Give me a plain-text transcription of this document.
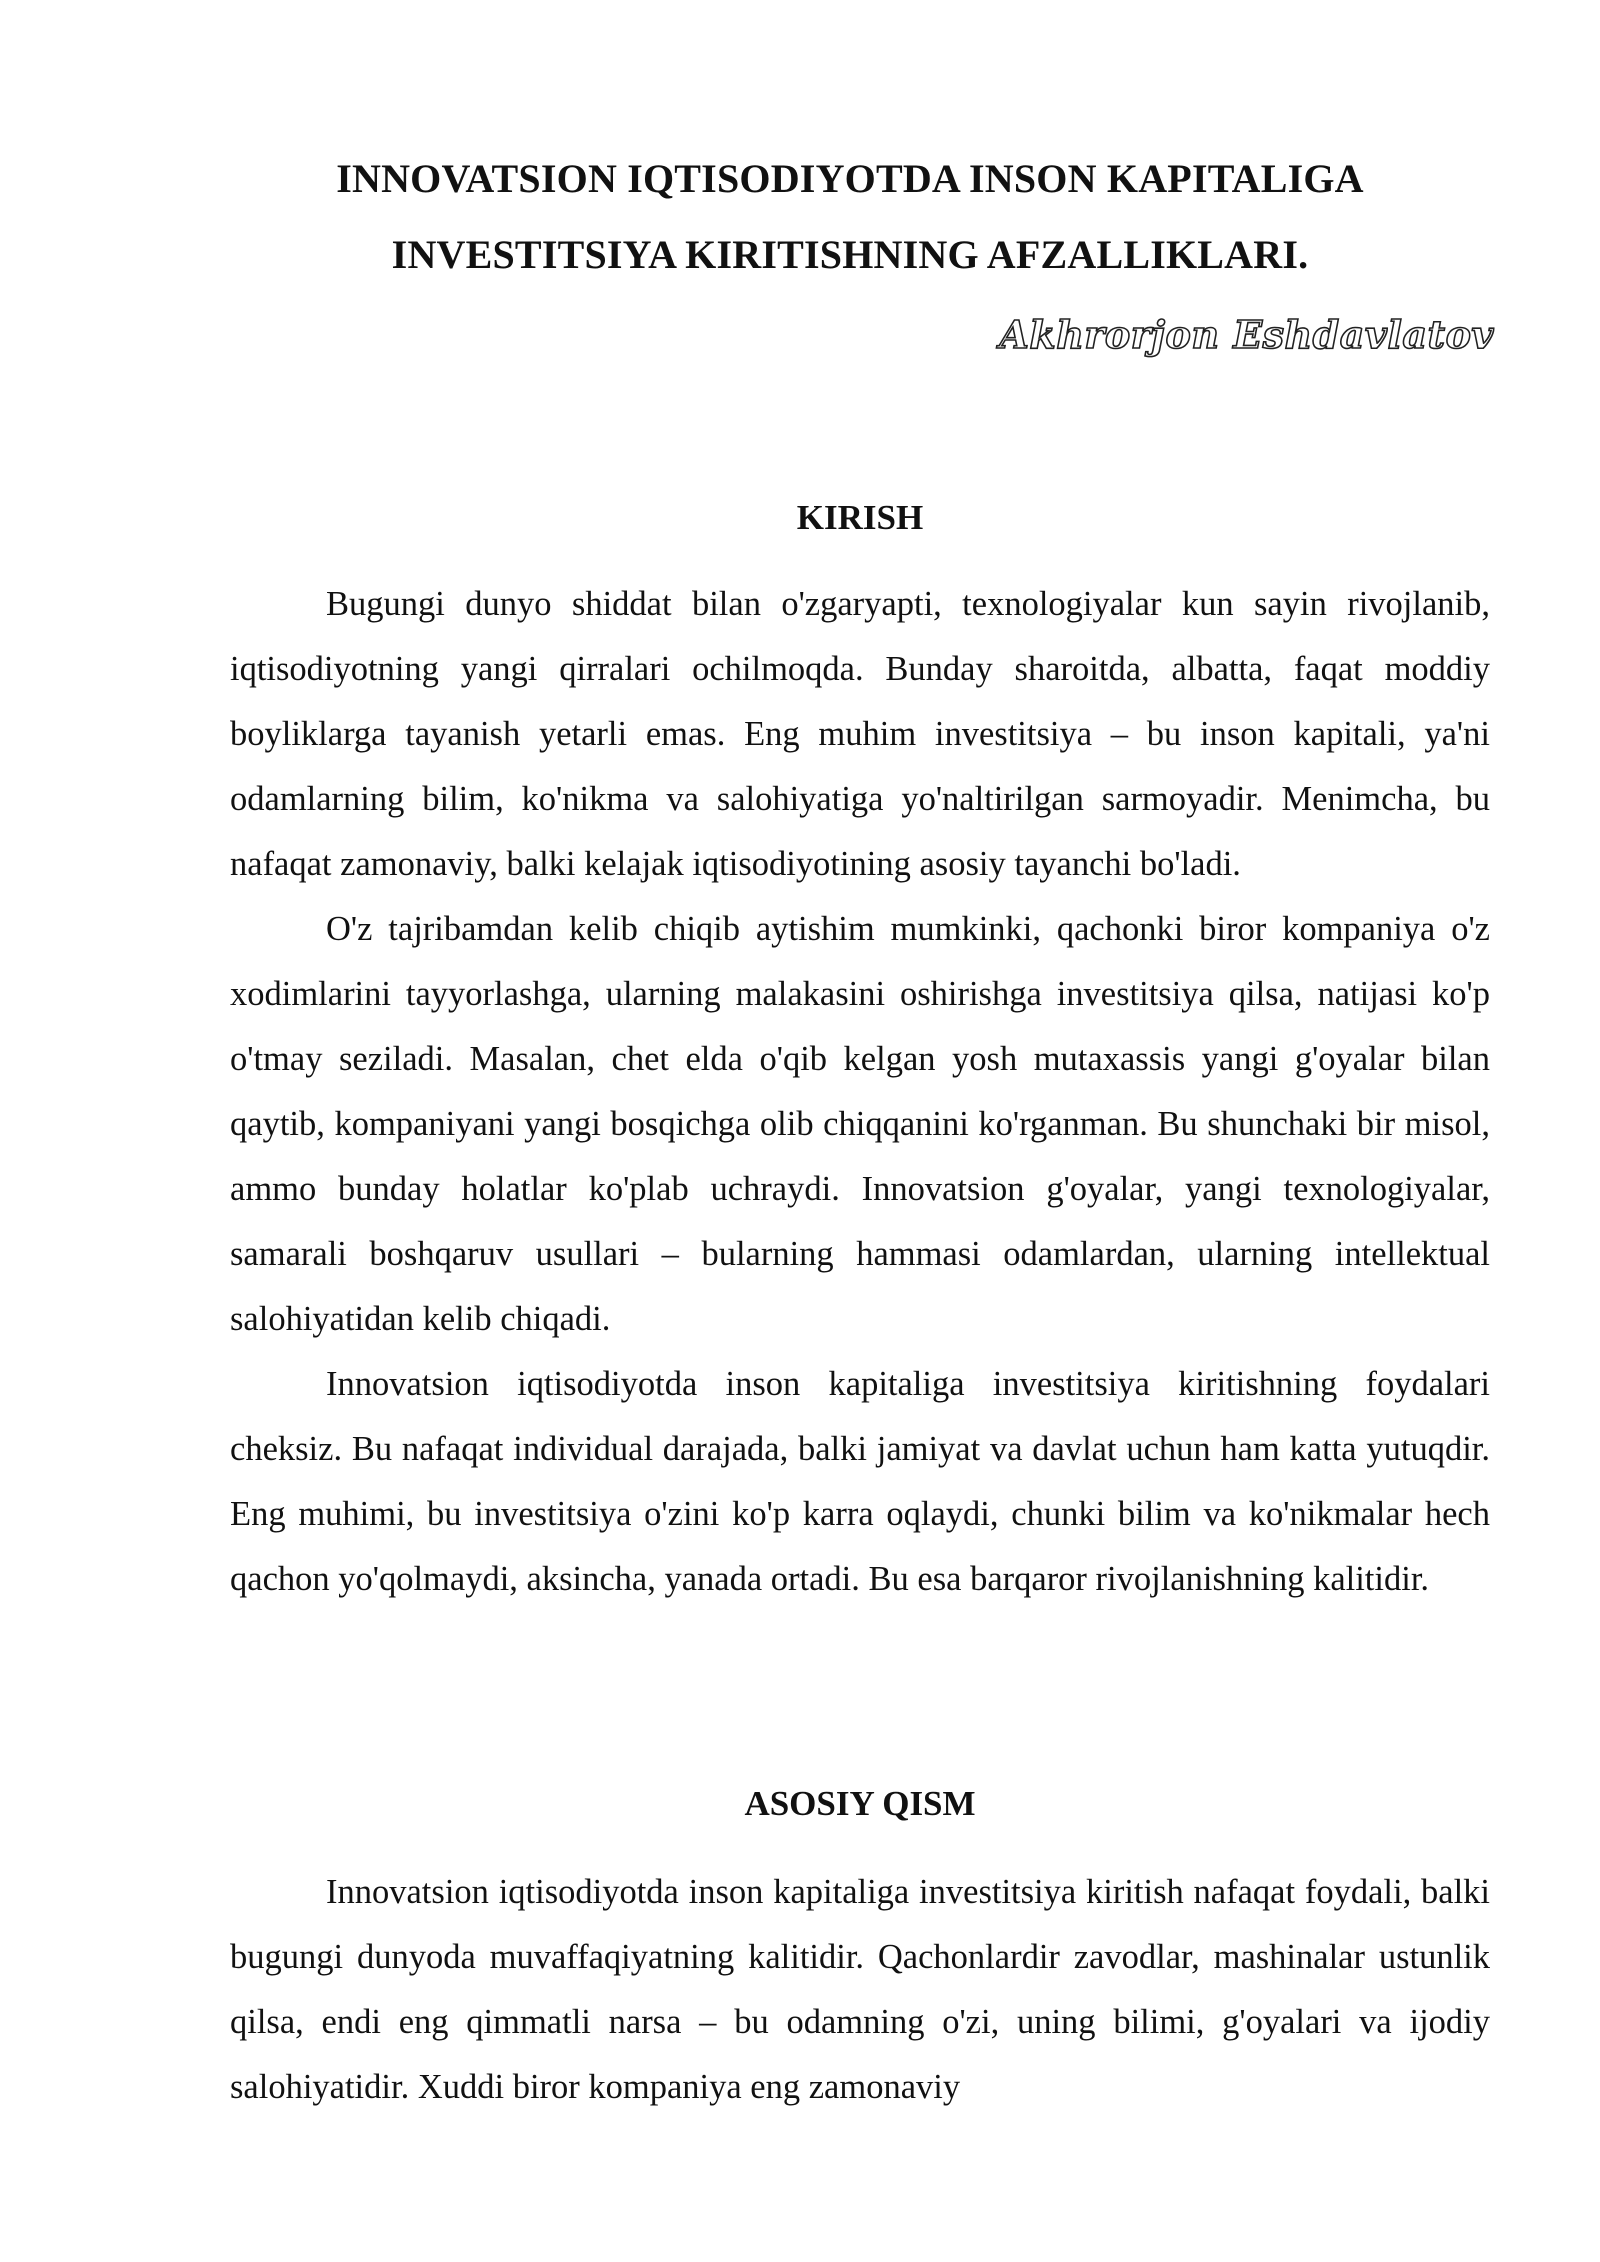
INNOVATSION IQTISODIYOTDA INSON KAPITALIGA
INVESTITSIYA KIRITISHNING AFZALLIKLARI.

Akhrorjon Eshdavlatov

KIRISH

Bugungi dunyo shiddat bilan o'zgaryapti, texnologiyalar kun sayin rivojlanib, iqtisodiyotning yangi qirralari ochilmoqda. Bunday sharoitda, albatta, faqat moddiy boyliklarga tayanish yetarli emas. Eng muhim investitsiya – bu inson kapitali, ya'ni odamlarning bilim, ko'nikma va salohiyatiga yo'naltirilgan sarmoyadir. Menimcha, bu nafaqat zamonaviy, balki kelajak iqtisodiyotining asosiy tayanchi bo'ladi.

O'z tajribamdan kelib chiqib aytishim mumkinki, qachonki biror kompaniya o'z xodimlarini tayyorlashga, ularning malakasini oshirishga investitsiya qilsa, natijasi ko'p o'tmay seziladi. Masalan, chet elda o'qib kelgan yosh mutaxassis yangi g'oyalar bilan qaytib, kompaniyani yangi bosqichga olib chiqqanini ko'rganman. Bu shunchaki bir misol, ammo bunday holatlar ko'plab uchraydi. Innovatsion g'oyalar, yangi texnologiyalar, samarali boshqaruv usullari – bularning hammasi odamlardan, ularning intellektual salohiyatidan kelib chiqadi.

Innovatsion iqtisodiyotda inson kapitaliga investitsiya kiritishning foydalari cheksiz. Bu nafaqat individual darajada, balki jamiyat va davlat uchun ham katta yutuqdir. Eng muhimi, bu investitsiya o'zini ko'p karra oqlaydi, chunki bilim va ko'nikmalar hech qachon yo'qolmaydi, aksincha, yanada ortadi. Bu esa barqaror rivojlanishning kalitidir.

ASOSIY QISM

Innovatsion iqtisodiyotda inson kapitaliga investitsiya kiritish nafaqat foydali, balki bugungi dunyoda muvaffaqiyatning kalitidir. Qachonlardir zavodlar, mashinalar ustunlik qilsa, endi eng qimmatli narsa – bu odamning o'zi, uning bilimi, g'oyalari va ijodiy salohiyatidir. Xuddi biror kompaniya eng zamonaviy
